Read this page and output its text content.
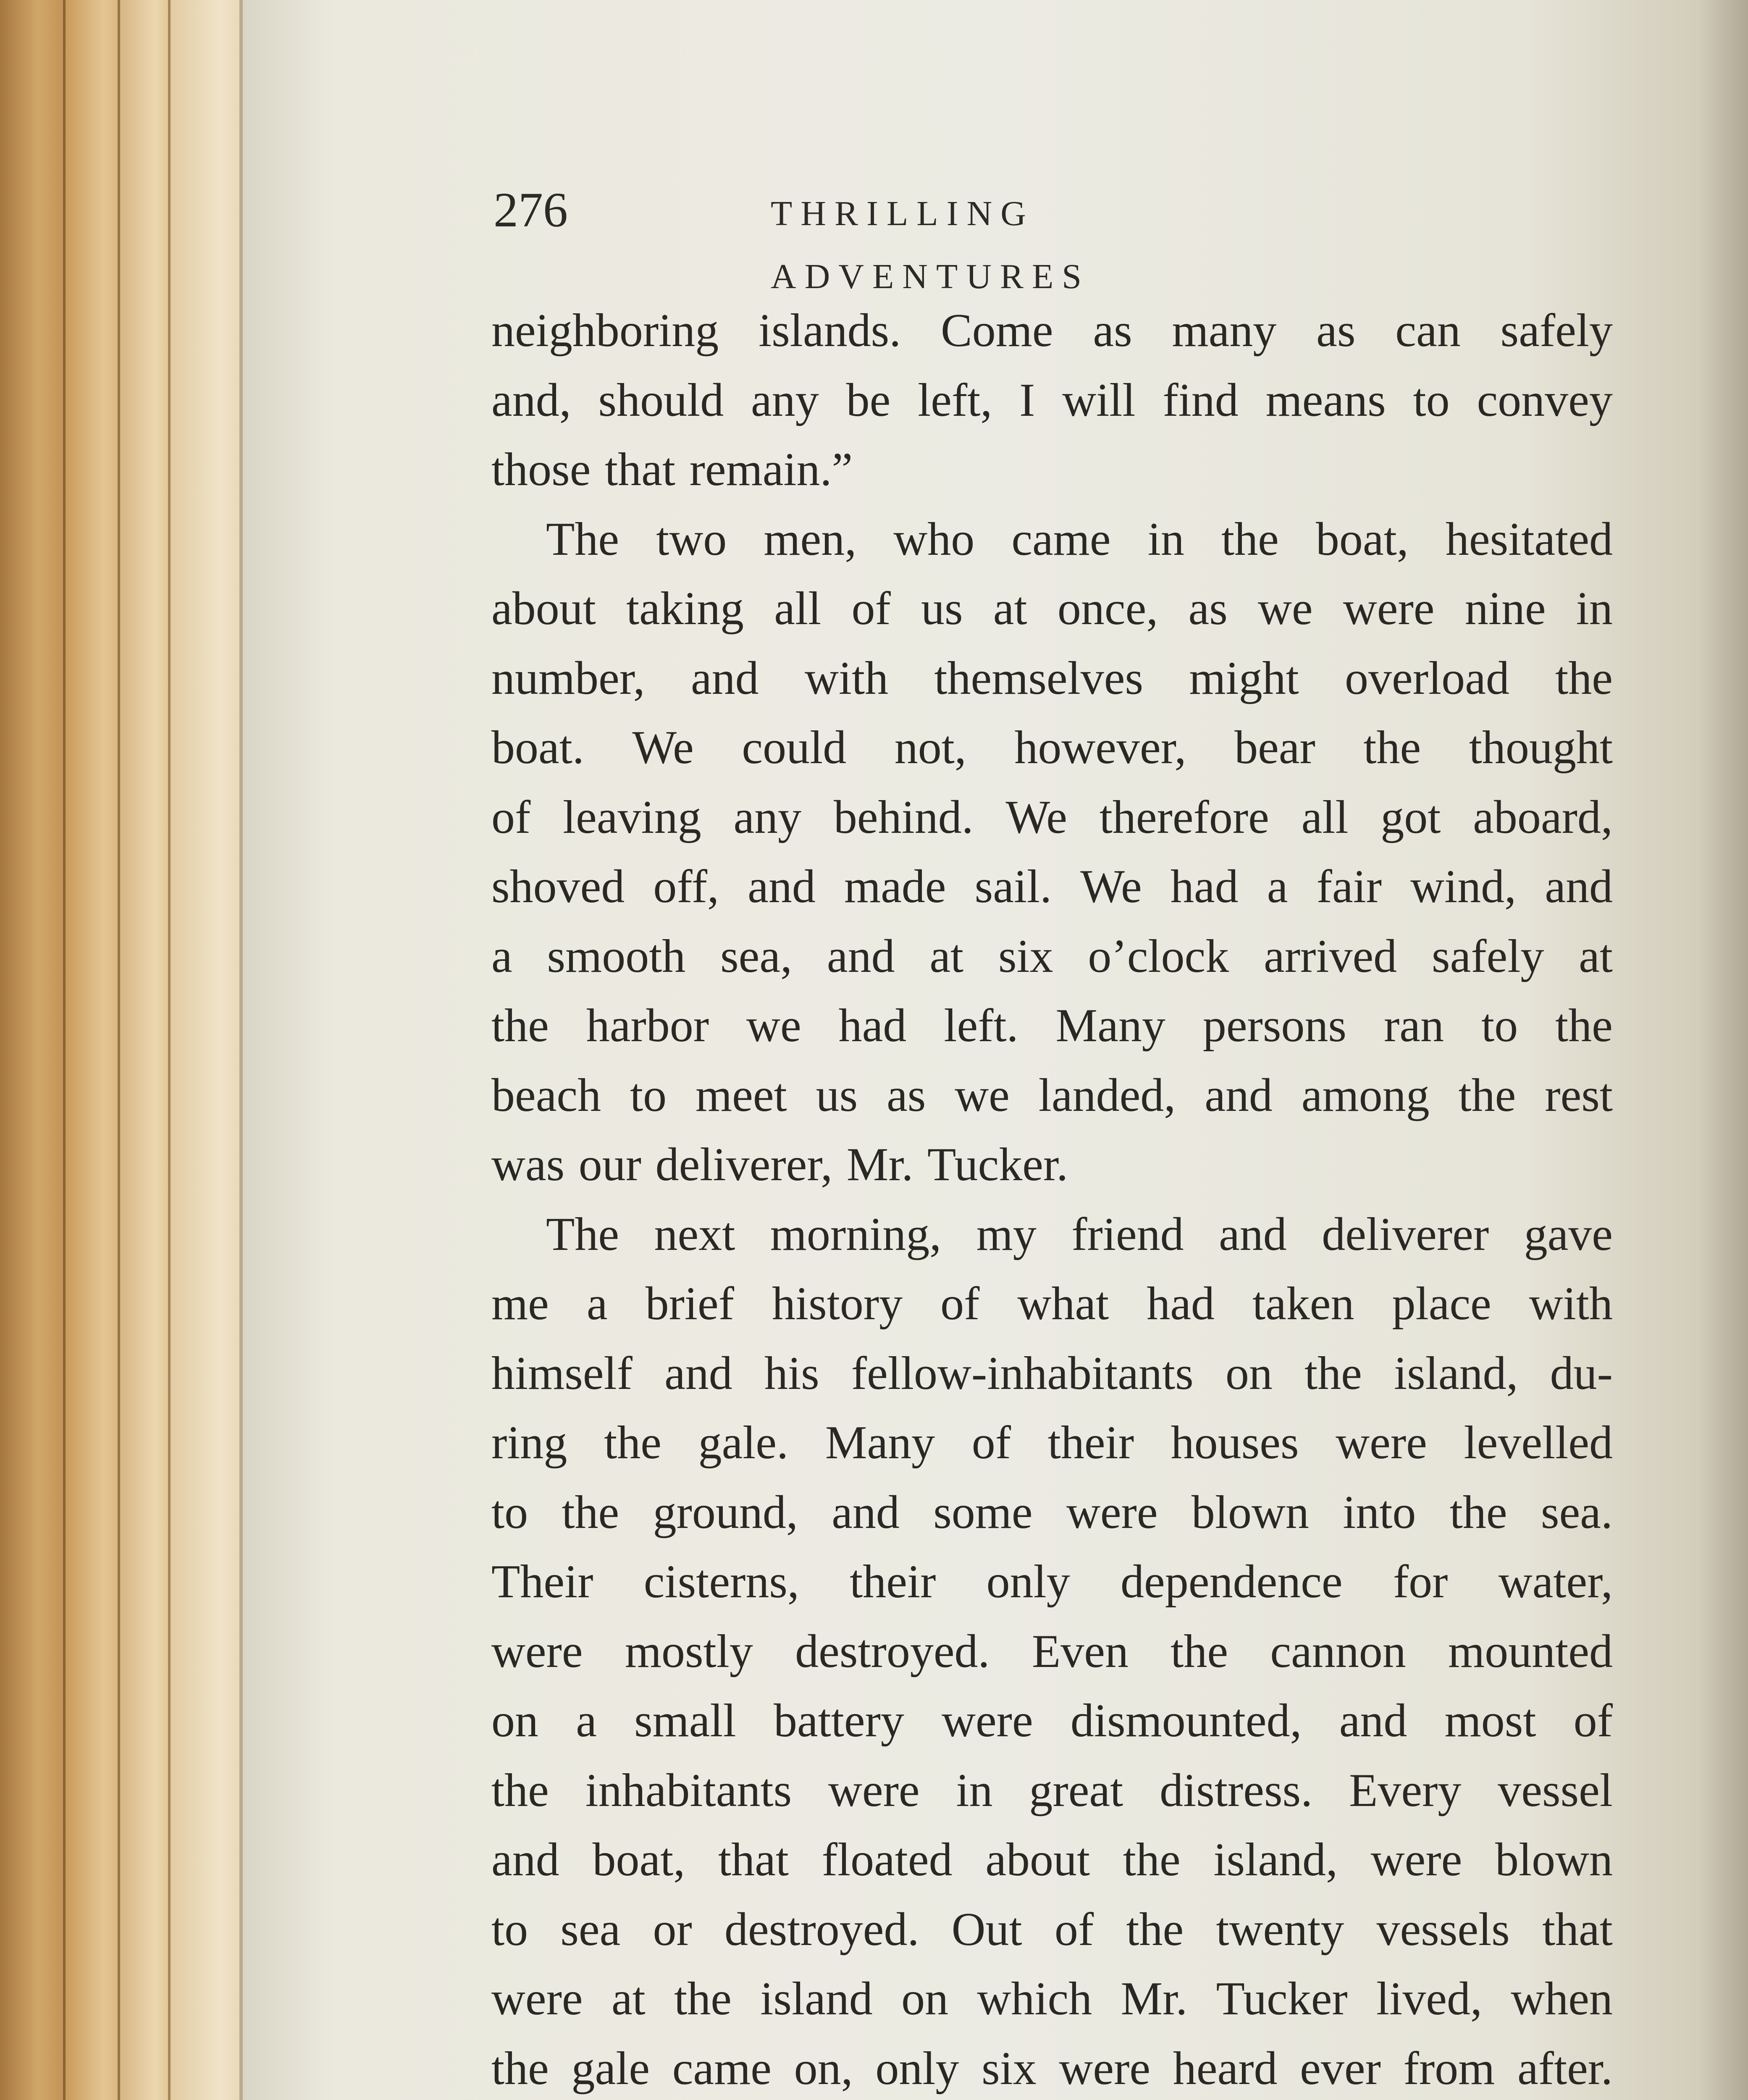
276	THRILLING ADVENTURES
neighboring islands. Come as many as can safely
and, should any be left, I will find means to convey
those that remain.”
The two men, who came in the boat, hesitated
about taking all of us at once, as we were nine in
number, and with themselves might overload the
boat. We could not, however, bear the thought
of leaving any behind. We therefore all got aboard,
shoved off, and made sail. We had a fair wind, and
a smooth sea, and at six o’clock arrived safely at
the harbor we had left. Many persons ran to the
beach to meet us as we landed, and among the rest
was our deliverer, Mr. Tucker.
The next morning, my friend and deliverer gave
me a brief history of what had taken place with
himself and his fellow-inhabitants on the island, du-
ring the gale. Many of their houses were levelled
to the ground, and some were blown into the sea.
Their cisterns, their only dependence for water,
were mostly destroyed. Even the cannon mounted
on a small battery were dismounted, and most of
the inhabitants were in great distress. Every vessel
and boat, that floated about the island, were blown
to sea or destroyed. Out of the twenty vessels that
were at the island on which Mr. Tucker lived, when
the gale came on, only six were heard ever from after.
